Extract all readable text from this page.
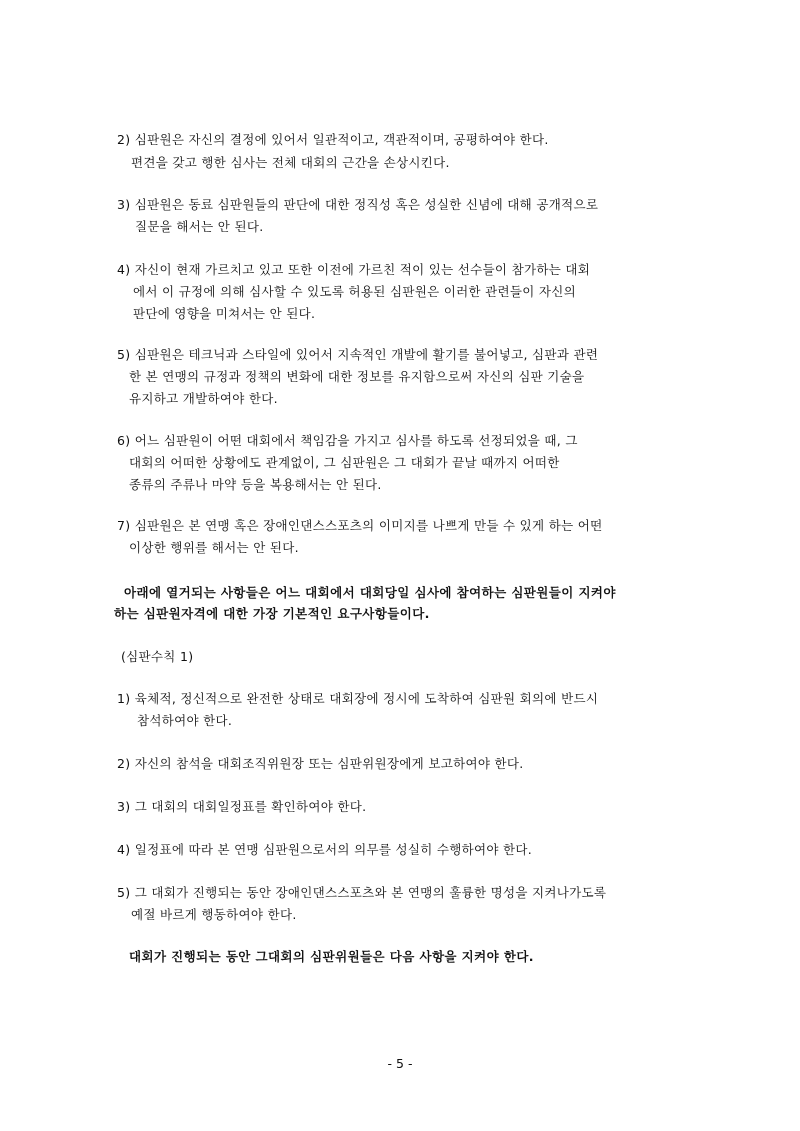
2) 심판원은 자신의 결정에 있어서 일관적이고, 객관적이며, 공평하여야 한다.
편견을 갖고 행한 심사는 전체 대회의 근간을 손상시킨다.
3) 심판원은 동료 심판원들의 판단에 대한 정직성 혹은 성실한 신념에 대해 공개적으로
질문을 해서는 안 된다.
4) 자신이 현재 가르치고 있고 또한 이전에 가르친 적이 있는 선수들이 참가하는 대회
에서 이 규정에 의해 심사할 수 있도록 허용된 심판원은 이러한 관련들이 자신의
판단에 영향을 미쳐서는 안 된다.
5) 심판원은 테크닉과 스타일에 있어서 지속적인 개발에 활기를 불어넣고, 심판과 관련
한 본 연맹의 규정과 정책의 변화에 대한 정보를 유지함으로써 자신의 심판 기술을
유지하고 개발하여야 한다.
6) 어느 심판원이 어떤 대회에서 책임감을 가지고 심사를 하도록 선정되었을 때, 그
대회의 어떠한 상황에도 관계없이, 그 심판원은 그 대회가 끝날 때까지 어떠한
종류의 주류나 마약 등을 복용해서는 안 된다.
7) 심판원은 본 연맹 혹은 장애인댄스스포츠의 이미지를 나쁘게 만들 수 있게 하는 어떤
이상한 행위를 해서는 안 된다.
아래에 열거되는 사항들은 어느 대회에서 대회당일 심사에 참여하는 심판원들이 지켜야
하는 심판원자격에 대한 가장 기본적인 요구사항들이다.
(심판수칙 1)
1) 육체적, 정신적으로 완전한 상태로 대회장에 정시에 도착하여 심판원 회의에 반드시
참석하여야 한다.
2) 자신의 참석을 대회조직위원장 또는 심판위원장에게 보고하여야 한다.
3) 그 대회의 대회일정표를 확인하여야 한다.
4) 일정표에 따라 본 연맹 심판원으로서의 의무를 성실히 수행하여야 한다.
5) 그 대회가 진행되는 동안 장애인댄스스포츠와 본 연맹의 훌륭한 명성을 지켜나가도록
예절 바르게 행동하여야 한다.
대회가 진행되는 동안 그대회의 심판위원들은 다음 사항을 지켜야 한다.
- 5 -
